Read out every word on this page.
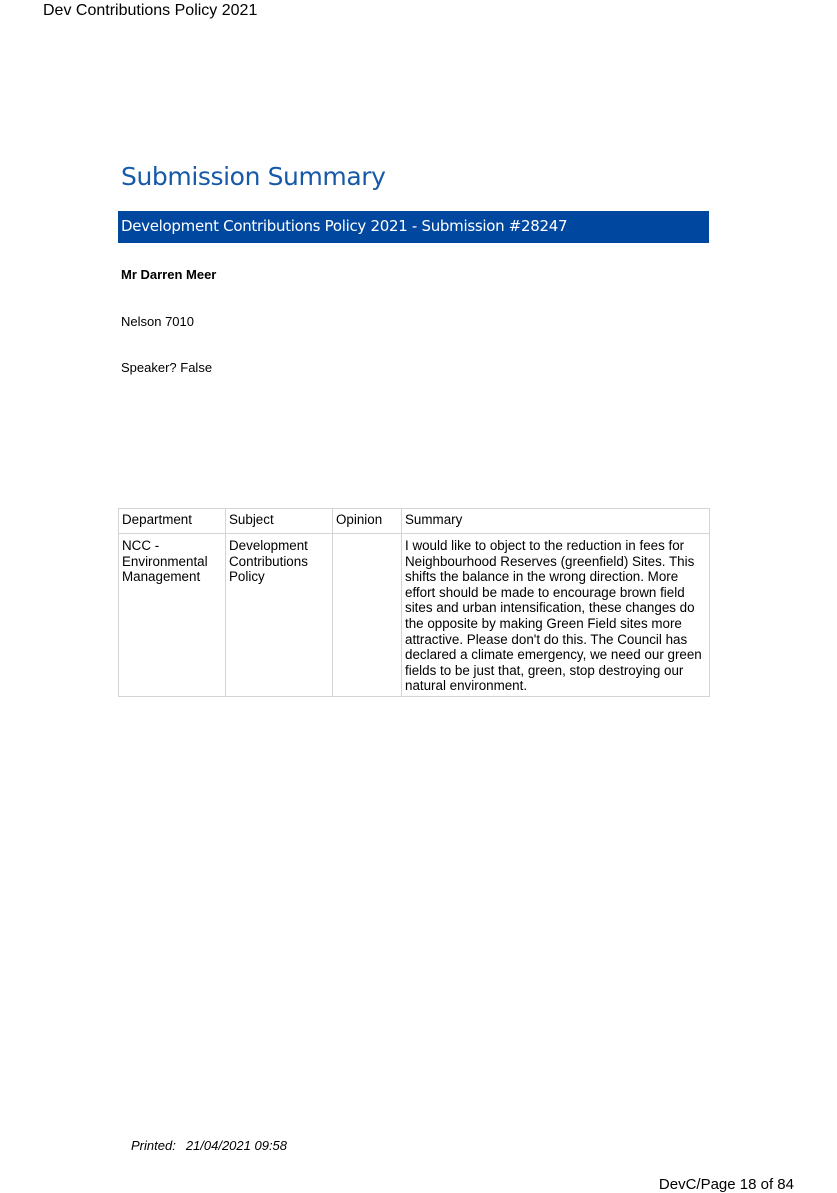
Dev Contributions Policy 2021
Submission Summary
Development Contributions Policy 2021 - Submission #28247
Mr Darren Meer
Nelson 7010
Speaker? False
Department	Subject	Opinion	Summary
NCC - Environmental Management	Development Contributions Policy		I would like to object to the reduction in fees for Neighbourhood Reserves (greenfield) Sites. This shifts the balance in the wrong direction. More effort should be made to encourage brown field sites and urban intensification, these changes do the opposite by making Green Field sites more attractive. Please don't do this. The Council has declared a climate emergency, we need our green fields to be just that, green, stop destroying our natural environment.
Printed: 21/04/2021 09:58
DevC/Page 18 of 84
